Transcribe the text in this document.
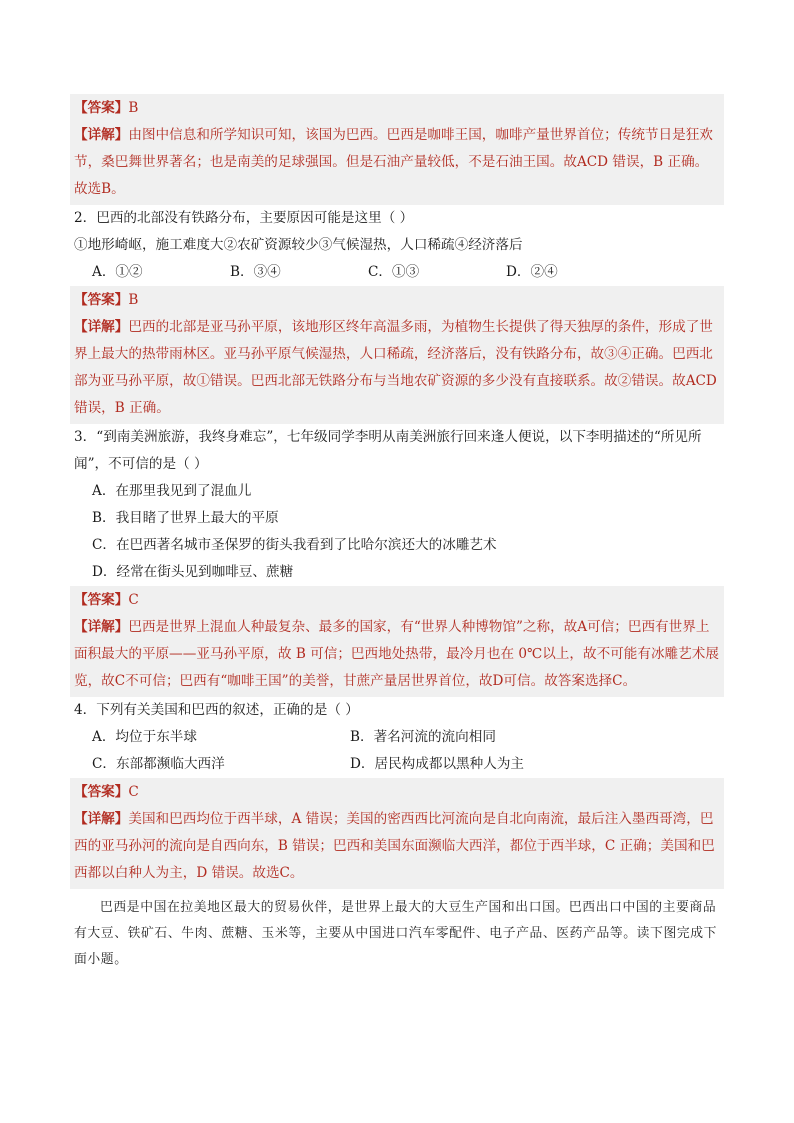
【答案】B

【详解】由图中信息和所学知识可知，该国为巴西。巴西是咖啡王国，咖啡产量世界首位；传统节日是狂欢节，桑巴舞世界著名；也是南美的足球强国。但是石油产量较低，不是石油王国。故ACD 错误，B 正确。故选B。

2．巴西的北部没有铁路分布，主要原因可能是这里（ ）

①地形崎岖，施工难度大②农矿资源较少③气候湿热，人口稀疏④经济落后

A．①②	B．③④	C．①③	D．②④

【答案】B

【详解】巴西的北部是亚马孙平原，该地形区终年高温多雨，为植物生长提供了得天独厚的条件，形成了世界上最大的热带雨林区。亚马孙平原气候湿热，人口稀疏，经济落后，没有铁路分布，故③④正确。巴西北部为亚马孙平原，故①错误。巴西北部无铁路分布与当地农矿资源的多少没有直接联系。故②错误。故ACD 错误，B 正确。

3．“到南美洲旅游，我终身难忘”，七年级同学李明从南美洲旅行回来逢人便说，以下李明描述的“所见所闻”，不可信的是（ ）

A．在那里我见到了混血儿

B．我目睹了世界上最大的平原

C．在巴西著名城市圣保罗的街头我看到了比哈尔滨还大的冰雕艺术

D．经常在街头见到咖啡豆、蔗糖

【答案】C

【详解】巴西是世界上混血人种最复杂、最多的国家，有“世界人种博物馆”之称，故A可信；巴西有世界上面积最大的平原——亚马孙平原，故 B 可信；巴西地处热带，最冷月也在 0℃以上，故不可能有冰雕艺术展览，故C不可信；巴西有“咖啡王国”的美誉，甘蔗产量居世界首位，故D可信。故答案选择C。

4．下列有关美国和巴西的叙述，正确的是（ ）

A．均位于东半球	B．著名河流的流向相同
C．东部都濒临大西洋	D．居民构成都以黑种人为主

【答案】C

【详解】美国和巴西均位于西半球，A 错误；美国的密西西比河流向是自北向南流，最后注入墨西哥湾，巴西的亚马孙河的流向是自西向东，B 错误；巴西和美国东面濒临大西洋，都位于西半球，C 正确；美国和巴西都以白种人为主，D 错误。故选C。

巴西是中国在拉美地区最大的贸易伙伴，是世界上最大的大豆生产国和出口国。巴西出口中国的主要商品有大豆、铁矿石、牛肉、蔗糖、玉米等，主要从中国进口汽车零配件、电子产品、医药产品等。读下图完成下面小题。
